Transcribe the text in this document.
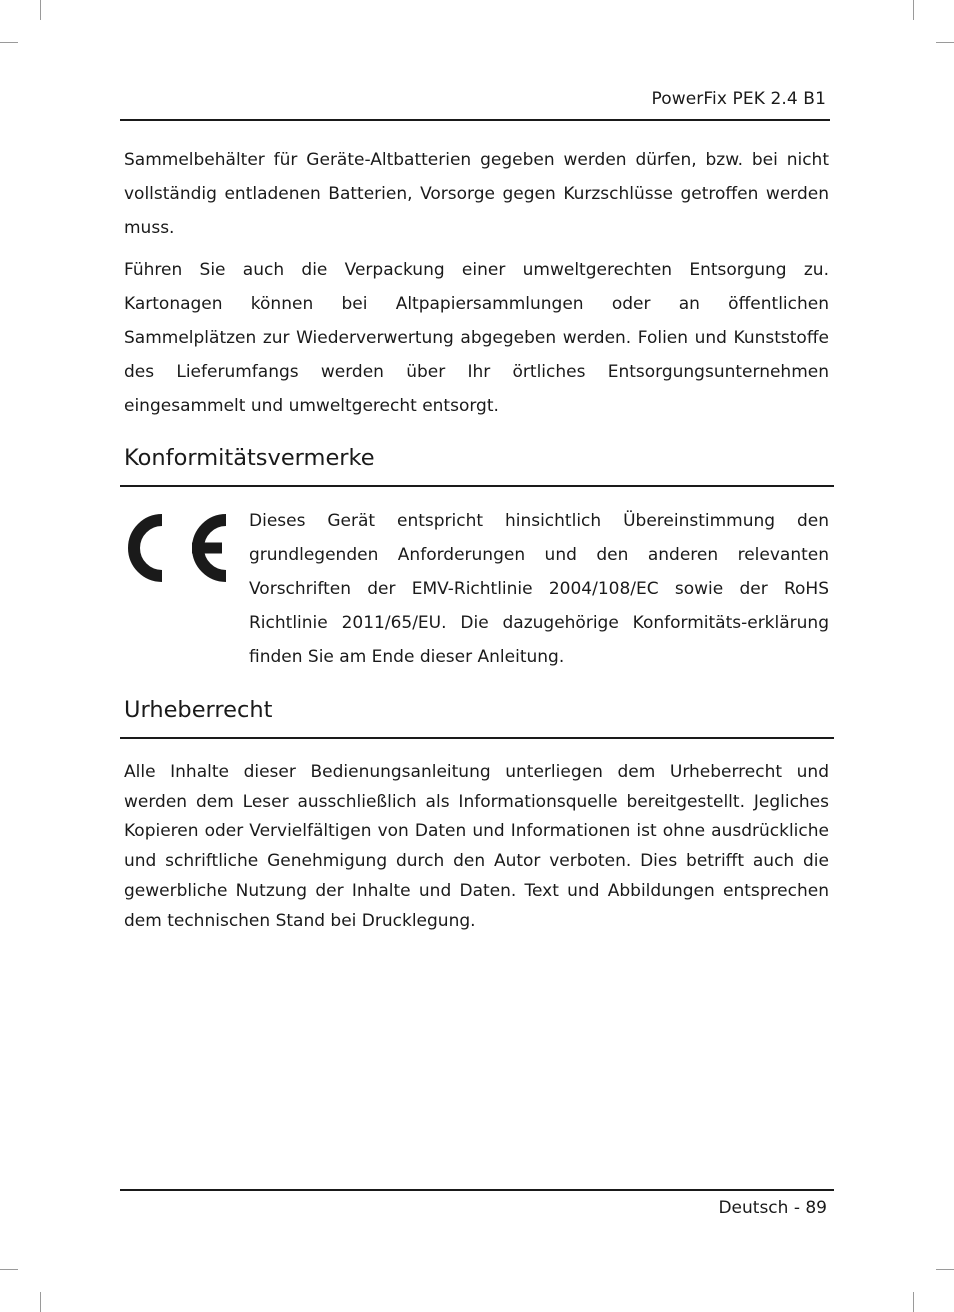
PowerFix PEK 2.4 B1

Sammelbehälter für Geräte-Altbatterien gegeben werden dürfen, bzw. bei nicht vollständig entladenen Batterien, Vorsorge gegen Kurzschlüsse getroffen werden muss.

Führen Sie auch die Verpackung einer umweltgerechten Entsorgung zu. Kartonagen können bei Altpapiersammlungen oder an öffentlichen Sammelplätzen zur Wiederverwertung abgegeben werden. Folien und Kunststoffe des Lieferumfangs werden über Ihr örtliches Entsorgungsunternehmen eingesammelt und umweltgerecht entsorgt.

Konformitätsvermerke
Dieses Gerät entspricht hinsichtlich Übereinstimmung den grundlegenden Anforderungen und den anderen relevanten Vorschriften der EMV-Richtlinie 2004/108/EC sowie der RoHS Richtlinie 2011/65/EU. Die dazugehörige Konformitäts-erklärung finden Sie am Ende dieser Anleitung.
Urheberrecht
Alle Inhalte dieser Bedienungsanleitung unterliegen dem Urheberrecht und werden dem Leser ausschließlich als Informationsquelle bereitgestellt. Jegliches Kopieren oder Vervielfältigen von Daten und Informationen ist ohne ausdrückliche und schriftliche Genehmigung durch den Autor verboten. Dies betrifft auch die gewerbliche Nutzung der Inhalte und Daten. Text und Abbildungen entsprechen dem technischen Stand bei Drucklegung.
Deutsch - 89
